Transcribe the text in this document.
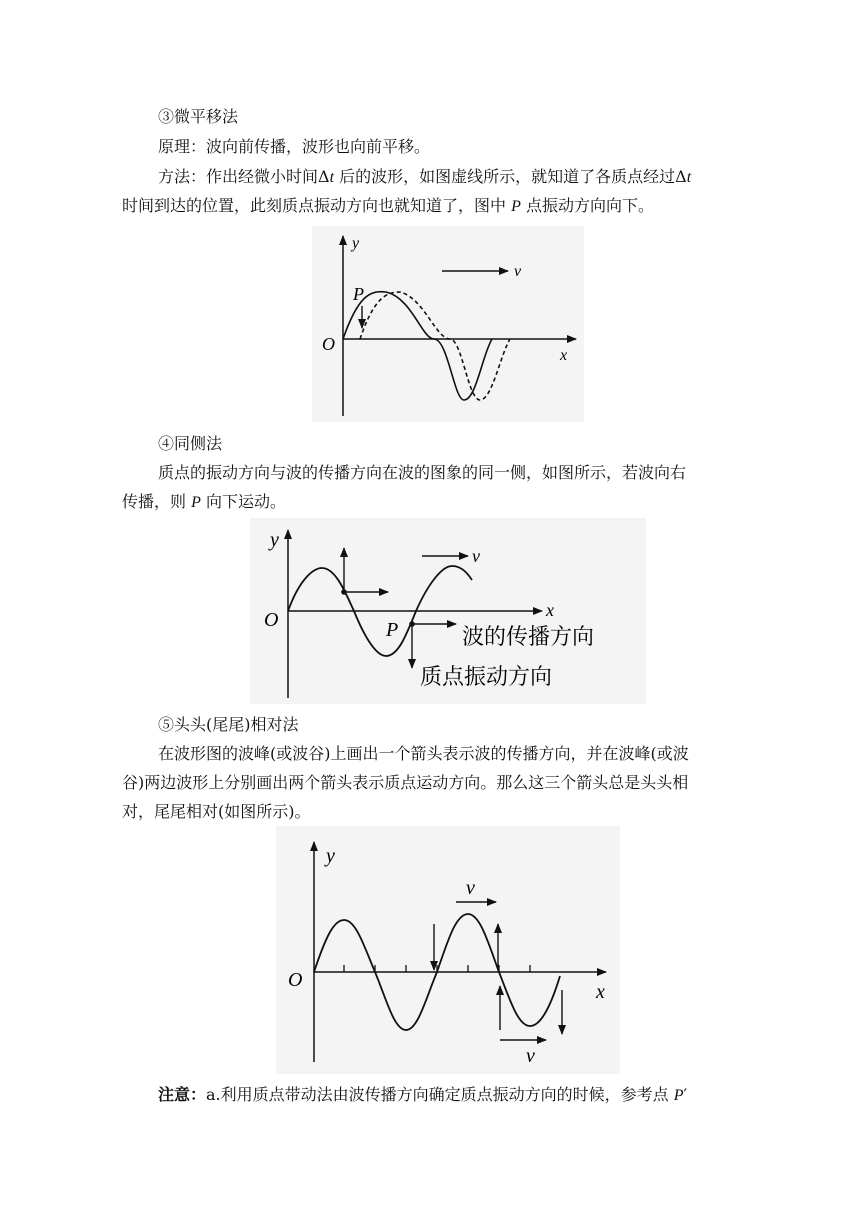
③微平移法
原理：波向前传播，波形也向前平移。
方法：作出经微小时间Δt 后的波形，如图虚线所示，就知道了各质点经过Δt
时间到达的位置，此刻质点振动方向也就知道了，图中 P 点振动方向向下。
y
x
O
P
v
④同侧法
质点的振动方向与波的传播方向在波的图象的同一侧，如图所示，若波向右
传播，则 P 向下运动。
y
x
O	P
v
波的传播方向
质点振动方向
⑤头头(尾尾)相对法
在波形图的波峰(或波谷)上画出一个箭头表示波的传播方向，并在波峰(或波
谷)两边波形上分别画出两个箭头表示质点运动方向。那么这三个箭头总是头头相
对，尾尾相对(如图所示)。
y
x
O
v
v
注意：a.利用质点带动法由波传播方向确定质点振动方向的时候，参考点 P′
